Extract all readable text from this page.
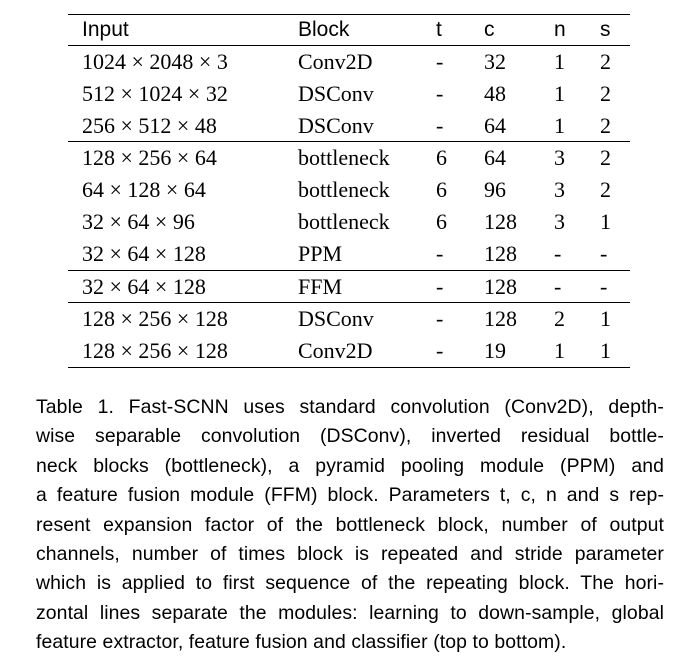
Input	Block	t	c	n	s
1024 × 2048 × 3	Conv2D	-	32	1	2
512 × 1024 × 32	DSConv	-	48	1	2
256 × 512 × 48	DSConv	-	64	1	2
128 × 256 × 64	bottleneck	6	64	3	2
64 × 128 × 64	bottleneck	6	96	3	2
32 × 64 × 96	bottleneck	6	128	3	1
32 × 64 × 128	PPM	-	128	-	-
32 × 64 × 128	FFM	-	128	-	-
128 × 256 × 128	DSConv	-	128	2	1
128 × 256 × 128	Conv2D	-	19	1	1
Table 1. Fast-SCNN uses standard convolution (Conv2D), depth-
wise separable convolution (DSConv), inverted residual bottle-
neck blocks (bottleneck), a pyramid pooling module (PPM) and
a feature fusion module (FFM) block. Parameters t, c, n and s rep-
resent expansion factor of the bottleneck block, number of output
channels, number of times block is repeated and stride parameter
which is applied to first sequence of the repeating block. The hori-
zontal lines separate the modules: learning to down-sample, global
feature extractor, feature fusion and classifier (top to bottom).
